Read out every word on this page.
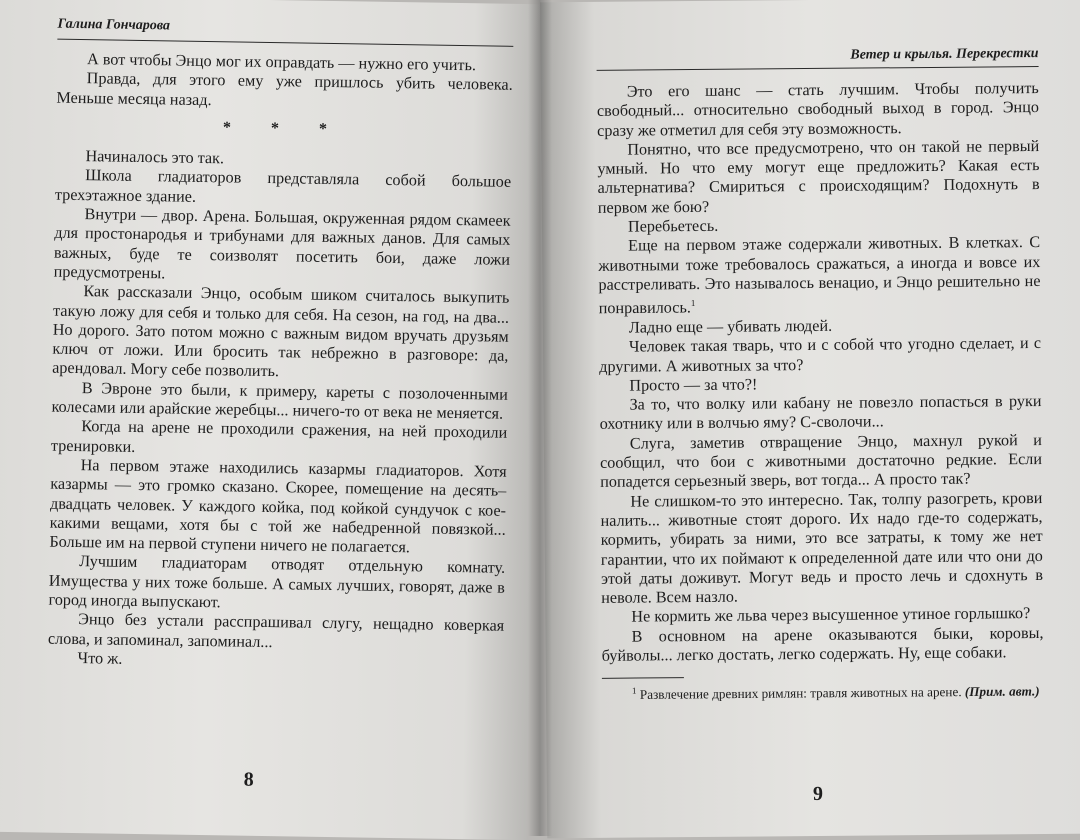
Галина Гончарова

А вот чтобы Энцо мог их оправдать — нужно его учить.

Правда, для этого ему уже пришлось убить человека. Меньше месяца назад.

* * *

Начиналось это так.

Школа гладиаторов представляла собой большое трехэтажное здание.

Внутри — двор. Арена. Большая, окруженная рядом скамеек для простонародья и трибунами для важных данов. Для самых важных, буде те соизволят посетить бои, даже ложи предусмотрены.

Как рассказали Энцо, особым шиком считалось выкупить такую ложу для себя и только для себя. На сезон, на год, на два... Но дорого. Зато потом можно с важным видом вручать друзьям ключ от ложи. Или бросить так небрежно в разговоре: да, арендовал. Могу себе позволить.

В Эвроне это были, к примеру, кареты с позолоченными колесами или арайские жеребцы... ничего-то от века не меняется.

Когда на арене не проходили сражения, на ней проходили тренировки.

На первом этаже находились казармы гладиаторов. Хотя казармы — это громко сказано. Скорее, помещение на десять–двадцать человек. У каждого койка, под койкой сундучок с кое-какими вещами, хотя бы с той же набедренной повязкой... Больше им на первой ступени ничего не полагается.

Лучшим гладиаторам отводят отдельную комнату. Имущества у них тоже больше. А самых лучших, говорят, даже в город иногда выпускают.

Энцо без устали расспрашивал слугу, нещадно коверкая слова, и запоминал, запоминал...

Что ж.

8
Ветер и крылья. Перекрестки

Это его шанс — стать лучшим. Чтобы получить свободный... относительно свободный выход в город. Энцо сразу же отметил для себя эту возможность.

Понятно, что все предусмотрено, что он такой не первый умный. Но что ему могут еще предложить? Какая есть альтернатива? Смириться с происходящим? Подохнуть в первом же бою?

Перебьетесь.

Еще на первом этаже содержали животных. В клетках. С животными тоже требовалось сражаться, а иногда и вовсе их расстреливать. Это называлось венацио, и Энцо решительно не понравилось.$^1$

Ладно еще — убивать людей.

Человек такая тварь, что и с собой что угодно сделает, и с другими. А животных за что?

Просто — за что?!

За то, что волку или кабану не повезло попасться в руки охотнику или в волчью яму? С-сволочи...

Слуга, заметив отвращение Энцо, махнул рукой и сообщил, что бои с животными достаточно редкие. Если попадется серьезный зверь, вот тогда... А просто так?

Не слишком-то это интересно. Так, толпу разогреть, крови налить... животные стоят дорого. Их надо где-то содержать, кормить, убирать за ними, это все затраты, к тому же нет гарантии, что их поймают к определенной дате или что они до этой даты доживут. Могут ведь и просто лечь и сдохнуть в неволе. Всем назло.

Не кормить же льва через высушенное утиное горлышко?

В основном на арене оказываются быки, коровы, буйволы... легко достать, легко содержать. Ну, еще собаки.

$^1$ Развлечение древних римлян: травля животных на арене. (Прим. авт.)

9
